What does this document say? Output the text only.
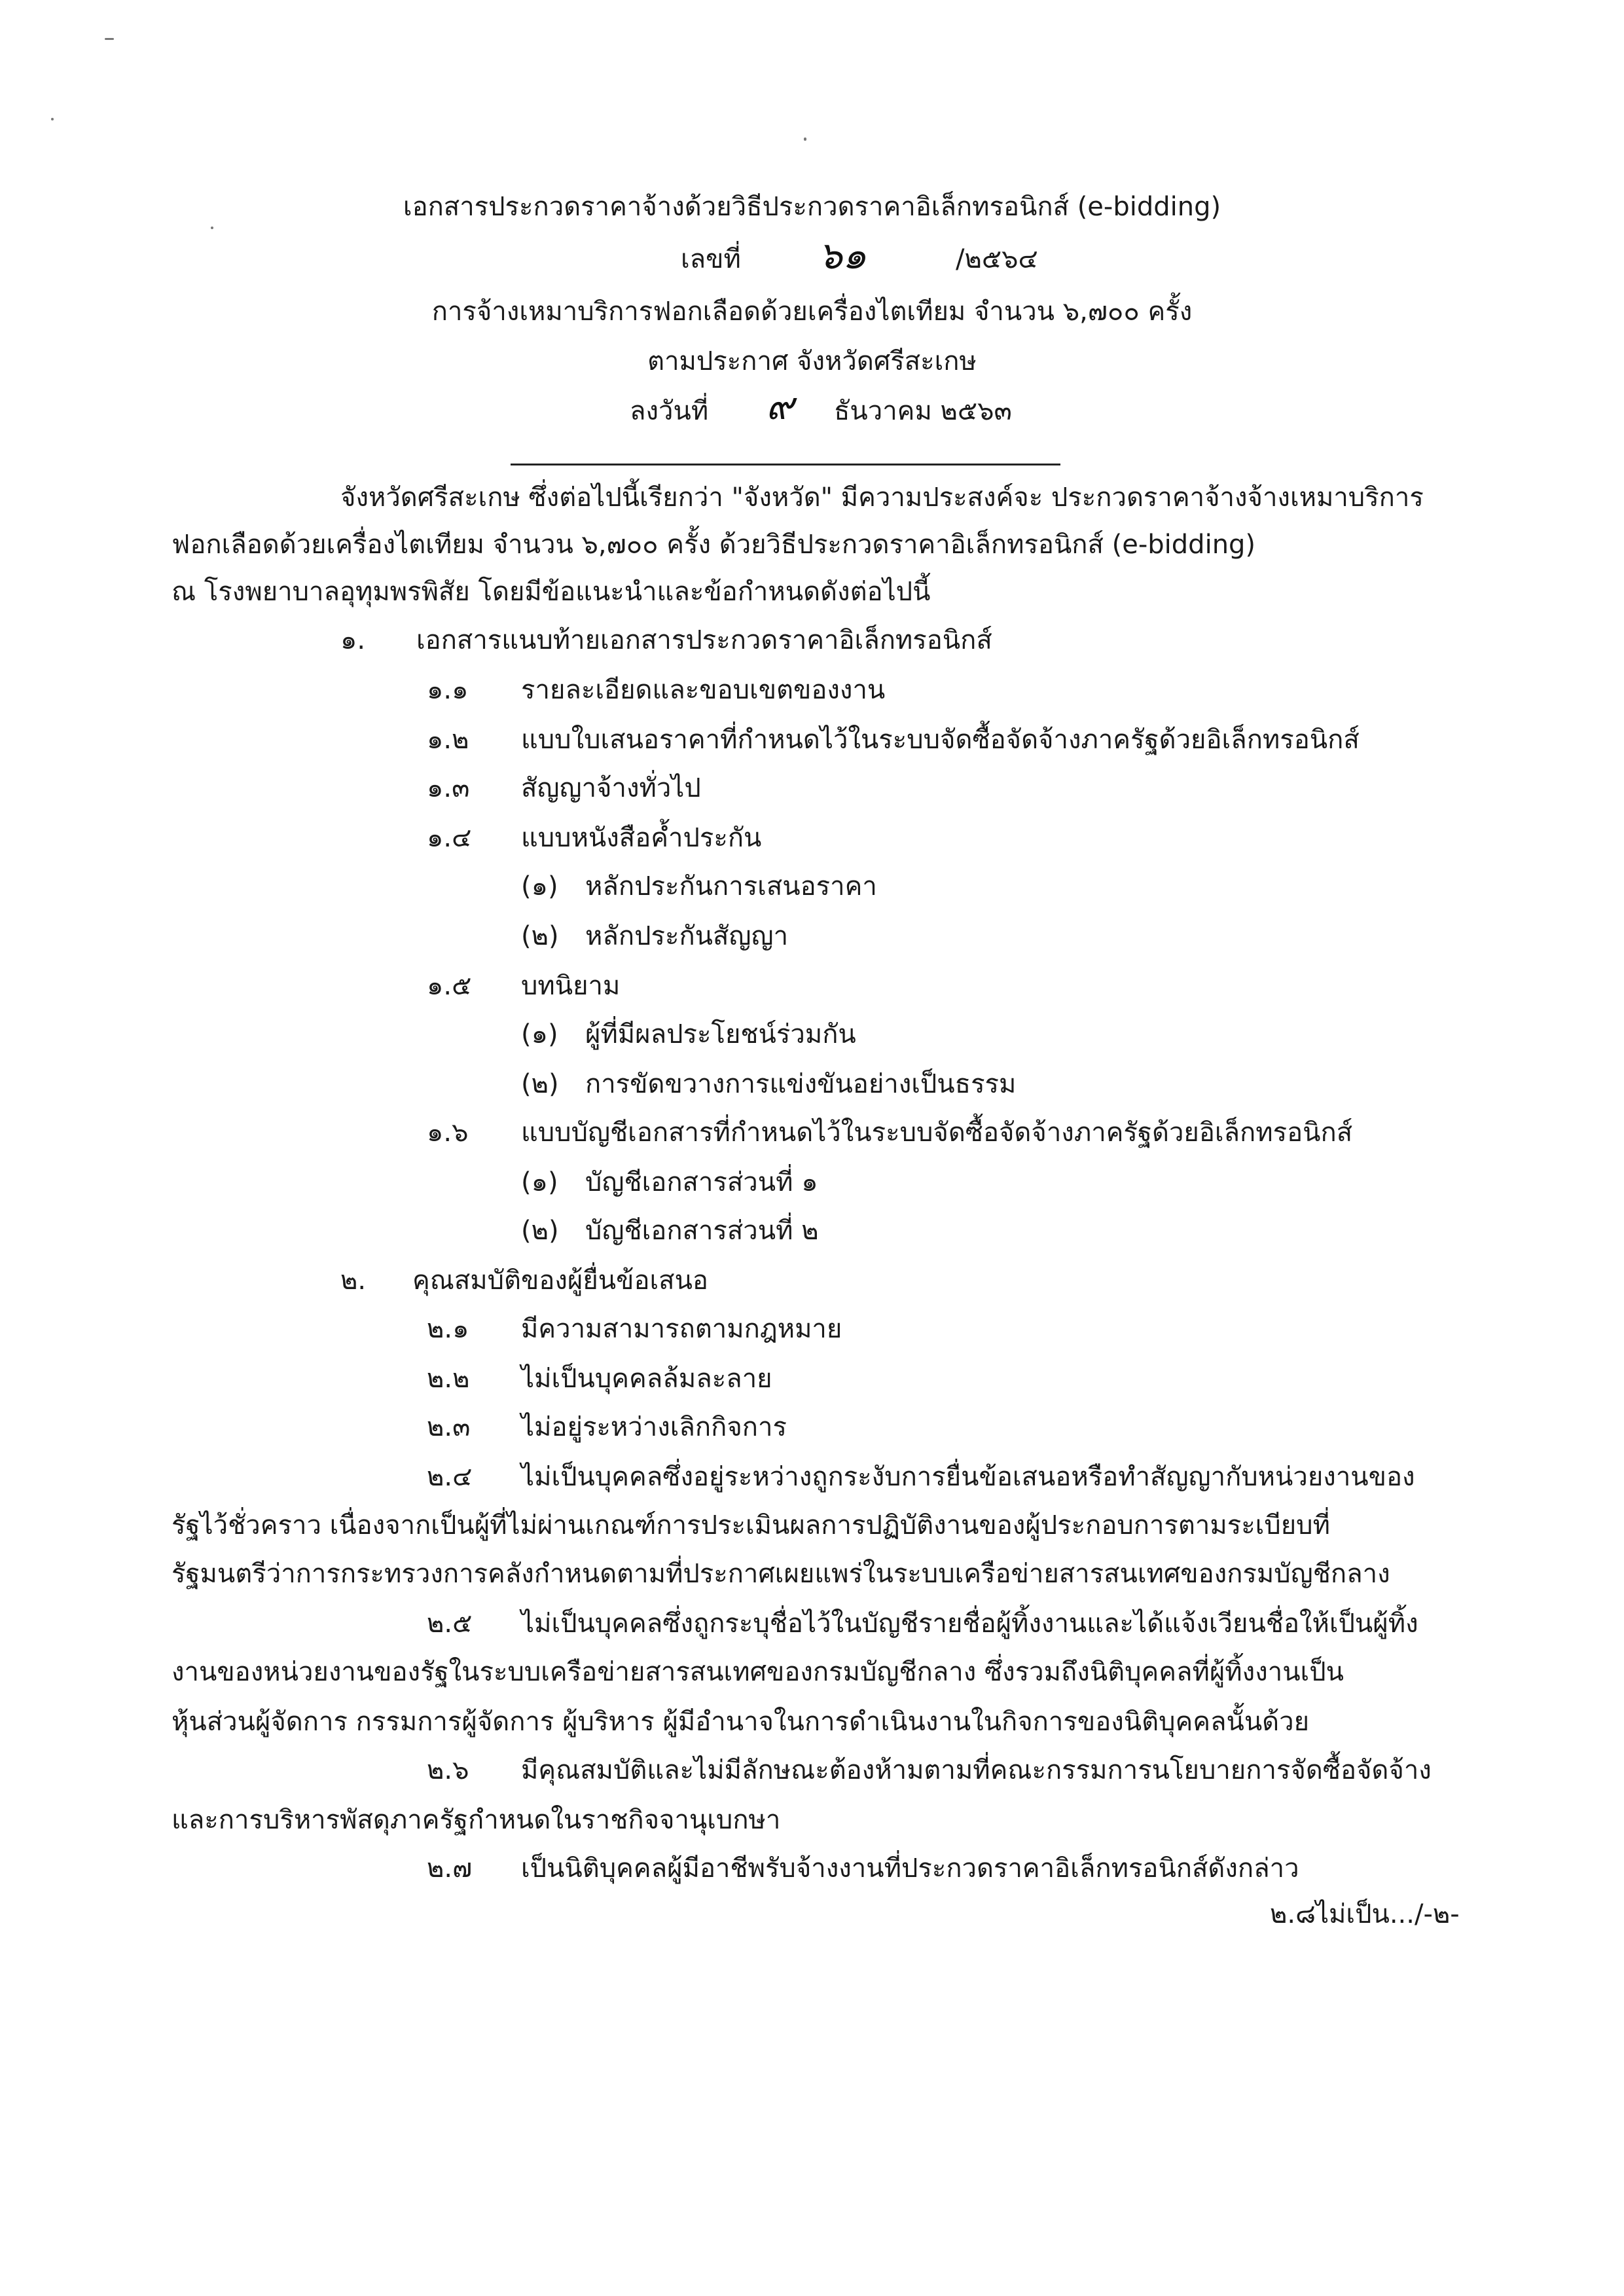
เอกสารประกวดราคาจ้างด้วยวิธีประกวดราคาอิเล็กทรอนิกส์ (e-bidding)
เลขที่ ๖๑	/๒๕๖๔
การจ้างเหมาบริการฟอกเลือดด้วยเครื่องไตเทียม จำนวน ๖,๗๐๐ ครั้ง
ตามประกาศ จังหวัดศรีสะเกษ
ลงวันที่ ๙ ธันวาคม ๒๕๖๓
จังหวัดศรีสะเกษ ซึ่งต่อไปนี้เรียกว่า "จังหวัด" มีความประสงค์จะ ประกวดราคาจ้างจ้างเหมาบริการ
ฟอกเลือดด้วยเครื่องไตเทียม จำนวน ๖,๗๐๐ ครั้ง ด้วยวิธีประกวดราคาอิเล็กทรอนิกส์ (e-bidding)
ณ โรงพยาบาลอุทุมพรพิสัย โดยมีข้อแนะนำและข้อกำหนดดังต่อไปนี้
๑. เอกสารแนบท้ายเอกสารประกวดราคาอิเล็กทรอนิกส์
๑.๑ รายละเอียดและขอบเขตของงาน
๑.๒ แบบใบเสนอราคาที่กำหนดไว้ในระบบจัดซื้อจัดจ้างภาครัฐด้วยอิเล็กทรอนิกส์
๑.๓ สัญญาจ้างทั่วไป
๑.๔ แบบหนังสือค้ำประกัน
(๑) หลักประกันการเสนอราคา
(๒) หลักประกันสัญญา
๑.๕ บทนิยาม
(๑) ผู้ที่มีผลประโยชน์ร่วมกัน
(๒) การขัดขวางการแข่งขันอย่างเป็นธรรม
๑.๖ แบบบัญชีเอกสารที่กำหนดไว้ในระบบจัดซื้อจัดจ้างภาครัฐด้วยอิเล็กทรอนิกส์
(๑) บัญชีเอกสารส่วนที่ ๑
(๒) บัญชีเอกสารส่วนที่ ๒
๒. คุณสมบัติของผู้ยื่นข้อเสนอ
๒.๑ มีความสามารถตามกฎหมาย
๒.๒ ไม่เป็นบุคคลล้มละลาย
๒.๓ ไม่อยู่ระหว่างเลิกกิจการ
๒.๔ ไม่เป็นบุคคลซึ่งอยู่ระหว่างถูกระงับการยื่นข้อเสนอหรือทำสัญญากับหน่วยงานของ
รัฐไว้ชั่วคราว เนื่องจากเป็นผู้ที่ไม่ผ่านเกณฑ์การประเมินผลการปฏิบัติงานของผู้ประกอบการตามระเบียบที่
รัฐมนตรีว่าการกระทรวงการคลังกำหนดตามที่ประกาศเผยแพร่ในระบบเครือข่ายสารสนเทศของกรมบัญชีกลาง
๒.๕ ไม่เป็นบุคคลซึ่งถูกระบุชื่อไว้ในบัญชีรายชื่อผู้ทิ้งงานและได้แจ้งเวียนชื่อให้เป็นผู้ทิ้ง
งานของหน่วยงานของรัฐในระบบเครือข่ายสารสนเทศของกรมบัญชีกลาง ซึ่งรวมถึงนิติบุคคลที่ผู้ทิ้งงานเป็น
หุ้นส่วนผู้จัดการ กรรมการผู้จัดการ ผู้บริหาร ผู้มีอำนาจในการดำเนินงานในกิจการของนิติบุคคลนั้นด้วย
๒.๖ มีคุณสมบัติและไม่มีลักษณะต้องห้ามตามที่คณะกรรมการนโยบายการจัดซื้อจัดจ้าง
และการบริหารพัสดุภาครัฐกำหนดในราชกิจจานุเบกษา
๒.๗ เป็นนิติบุคคลผู้มีอาชีพรับจ้างงานที่ประกวดราคาอิเล็กทรอนิกส์ดังกล่าว
๒.๘ไม่เป็น.../-๒-
